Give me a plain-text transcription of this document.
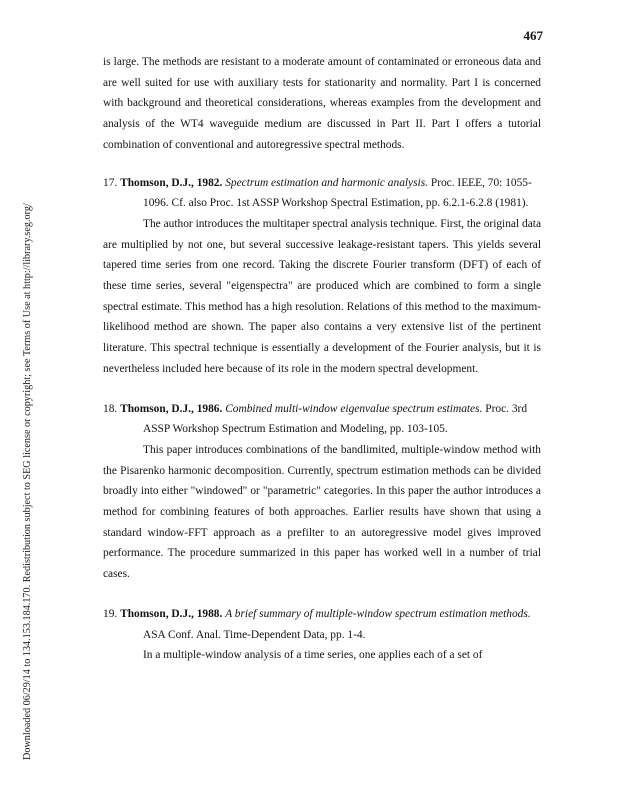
467
Downloaded 06/29/14 to 134.153.184.170. Redistribution subject to SEG license or copyright; see Terms of Use at http://library.seg.org/

is large. The methods are resistant to a moderate amount of contaminated or erroneous data and are well suited for use with auxiliary tests for stationarity and normality. Part I is concerned with background and theoretical considerations, whereas examples from the development and analysis of the WT4 waveguide medium are discussed in Part II. Part I offers a tutorial combination of conventional and autoregressive spectral methods.

17. Thomson, D.J., 1982. Spectrum estimation and harmonic analysis. Proc. IEEE, 70: 1055-1096. Cf. also Proc. 1st ASSP Workshop Spectral Estimation, pp. 6.2.1-6.2.8 (1981).

The author introduces the multitaper spectral analysis technique. First, the original data are multiplied by not one, but several successive leakage-resistant tapers. This yields several tapered time series from one record. Taking the discrete Fourier transform (DFT) of each of these time series, several "eigenspectra" are produced which are combined to form a single spectral estimate. This method has a high resolution. Relations of this method to the maximum-likelihood method are shown. The paper also contains a very extensive list of the pertinent literature. This spectral technique is essentially a development of the Fourier analysis, but it is nevertheless included here because of its role in the modern spectral development.

18. Thomson, D.J., 1986. Combined multi-window eigenvalue spectrum estimates. Proc. 3rd ASSP Workshop Spectrum Estimation and Modeling, pp. 103-105.

This paper introduces combinations of the bandlimited, multiple-window method with the Pisarenko harmonic decomposition. Currently, spectrum estimation methods can be divided broadly into either "windowed" or "parametric" categories. In this paper the author introduces a method for combining features of both approaches. Earlier results have shown that using a standard window-FFT approach as a prefilter to an autoregressive model gives improved performance. The procedure summarized in this paper has worked well in a number of trial cases.

19. Thomson, D.J., 1988. A brief summary of multiple-window spectrum estimation methods. ASA Conf. Anal. Time-Dependent Data, pp. 1-4.

In a multiple-window analysis of a time series, one applies each of a set of
